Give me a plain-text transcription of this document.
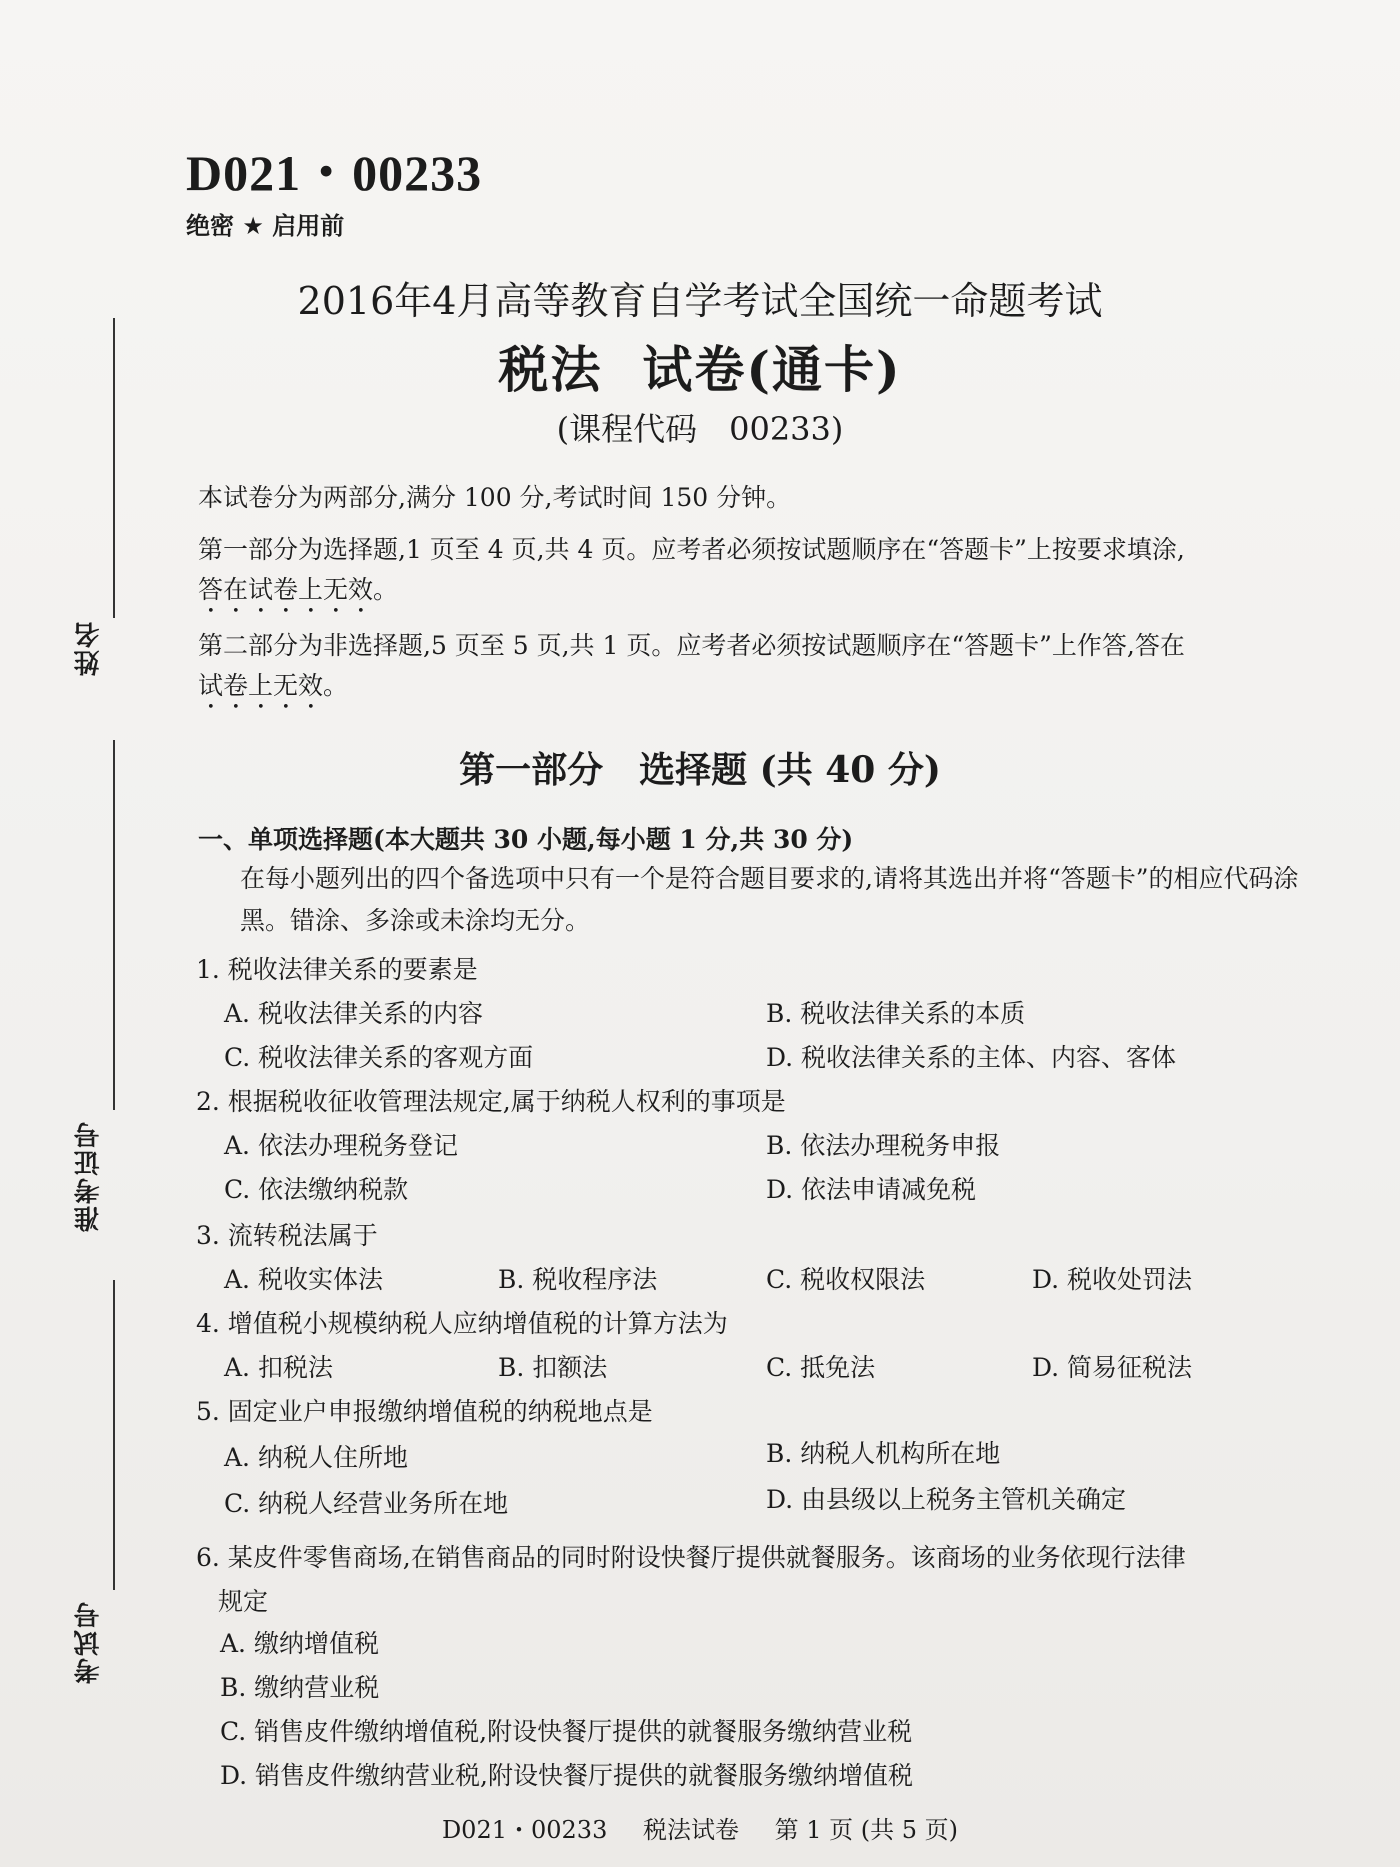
姓名
准考证号
考试号
D021・00233
绝密 ★ 启用前
2016年4月高等教育自学考试全国统一命题考试
税法 试卷(通卡)
(课程代码　00233)
本试卷分为两部分,满分 100 分,考试时间 150 分钟。
第一部分为选择题,1 页至 4 页,共 4 页。应考者必须按试题顺序在“答题卡”上按要求填涂,
答在试卷上无效。
第二部分为非选择题,5 页至 5 页,共 1 页。应考者必须按试题顺序在“答题卡”上作答,答在
试卷上无效。
第一部分　选择题 (共 40 分)
一、单项选择题(本大题共 30 小题,每小题 1 分,共 30 分)
在每小题列出的四个备选项中只有一个是符合题目要求的,请将其选出并将“答题卡”的相应代码涂黑。错涂、多涂或未涂均无分。
1. 税收法律关系的要素是
A. 税收法律关系的内容	B. 税收法律关系的本质
C. 税收法律关系的客观方面	D. 税收法律关系的主体、内容、客体
2. 根据税收征收管理法规定,属于纳税人权利的事项是
A. 依法办理税务登记	B. 依法办理税务申报
C. 依法缴纳税款	D. 依法申请减免税
3. 流转税法属于
A. 税收实体法	B. 税收程序法	C. 税收权限法	D. 税收处罚法
4. 增值税小规模纳税人应纳增值税的计算方法为
A. 扣税法	B. 扣额法	C. 抵免法	D. 简易征税法
5. 固定业户申报缴纳增值税的纳税地点是
A. 纳税人住所地	B. 纳税人机构所在地
C. 纳税人经营业务所在地	D. 由县级以上税务主管机关确定
6. 某皮件零售商场,在销售商品的同时附设快餐厅提供就餐服务。该商场的业务依现行法律
规定
A. 缴纳增值税
B. 缴纳营业税
C. 销售皮件缴纳增值税,附设快餐厅提供的就餐服务缴纳营业税
D. 销售皮件缴纳营业税,附设快餐厅提供的就餐服务缴纳增值税
D021・00233 税法试卷 第 1 页 (共 5 页)
